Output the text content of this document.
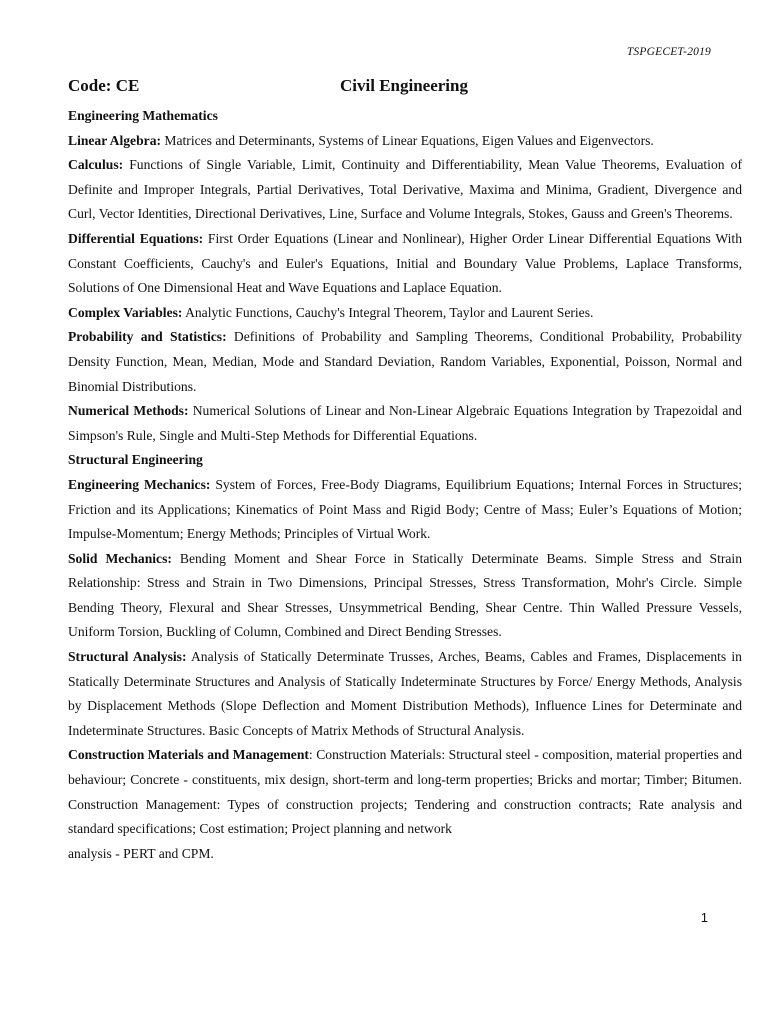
TSPGECET-2019
Code: CE	Civil Engineering
Engineering Mathematics

Linear Algebra: Matrices and Determinants, Systems of Linear Equations, Eigen Values and Eigenvectors.

Calculus: Functions of Single Variable, Limit, Continuity and Differentiability, Mean Value Theorems, Evaluation of Definite and Improper Integrals, Partial Derivatives, Total Derivative, Maxima and Minima, Gradient, Divergence and Curl, Vector Identities, Directional Derivatives, Line, Surface and Volume Integrals, Stokes, Gauss and Green's Theorems.

Differential Equations: First Order Equations (Linear and Nonlinear), Higher Order Linear Differential Equations With Constant Coefficients, Cauchy's and Euler's Equations, Initial and Boundary Value Problems, Laplace Transforms, Solutions of One Dimensional Heat and Wave Equations and Laplace Equation.

Complex Variables: Analytic Functions, Cauchy's Integral Theorem, Taylor and Laurent Series.

Probability and Statistics: Definitions of Probability and Sampling Theorems, Conditional Probability, Probability Density Function, Mean, Median, Mode and Standard Deviation, Random Variables, Exponential, Poisson, Normal and Binomial Distributions.

Numerical Methods: Numerical Solutions of Linear and Non-Linear Algebraic Equations Integration by Trapezoidal and Simpson's Rule, Single and Multi-Step Methods for Differential Equations.

Structural Engineering

Engineering Mechanics: System of Forces, Free-Body Diagrams, Equilibrium Equations; Internal Forces in Structures; Friction and its Applications; Kinematics of Point Mass and Rigid Body; Centre of Mass; Euler’s Equations of Motion; Impulse-Momentum; Energy Methods; Principles of Virtual Work.

Solid Mechanics: Bending Moment and Shear Force in Statically Determinate Beams. Simple Stress and Strain Relationship: Stress and Strain in Two Dimensions, Principal Stresses, Stress Transformation, Mohr's Circle. Simple Bending Theory, Flexural and Shear Stresses, Unsymmetrical Bending, Shear Centre. Thin Walled Pressure Vessels, Uniform Torsion, Buckling of Column, Combined and Direct Bending Stresses.

Structural Analysis: Analysis of Statically Determinate Trusses, Arches, Beams, Cables and Frames, Displacements in Statically Determinate Structures and Analysis of Statically Indeterminate Structures by Force/ Energy Methods, Analysis by Displacement Methods (Slope Deflection and Moment Distribution Methods), Influence Lines for Determinate and Indeterminate Structures. Basic Concepts of Matrix Methods of Structural Analysis.

Construction Materials and Management: Construction Materials: Structural steel - composition, material properties and behaviour; Concrete - constituents, mix design, short-term and long-term properties; Bricks and mortar; Timber; Bitumen. Construction Management: Types of construction projects; Tendering and construction contracts; Rate analysis and standard specifications; Cost estimation; Project planning and network

analysis - PERT and CPM.

1
